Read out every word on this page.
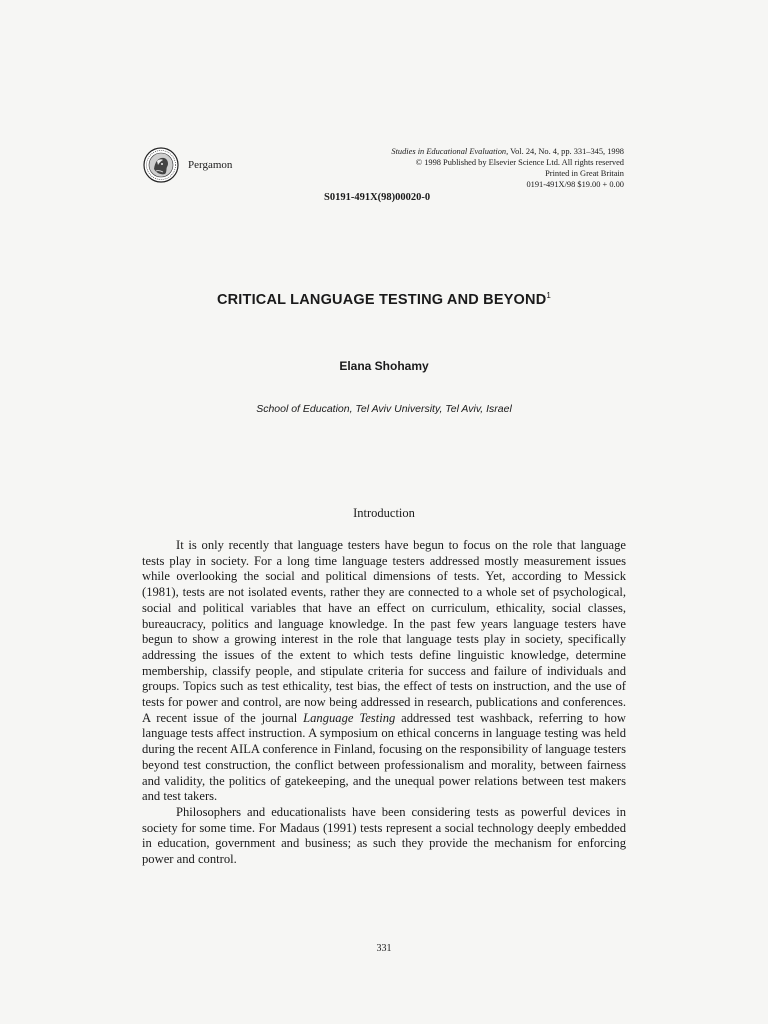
Pergamon
Studies in Educational Evaluation, Vol. 24, No. 4, pp. 331–345, 1998
© 1998 Published by Elsevier Science Ltd. All rights reserved
Printed in Great Britain
0191-491X/98 $19.00 + 0.00
S0191-491X(98)00020-0
CRITICAL LANGUAGE TESTING AND BEYOND$^1$
Elana Shohamy
School of Education, Tel Aviv University, Tel Aviv, Israel
Introduction

It is only recently that language testers have begun to focus on the role that language tests play in society. For a long time language testers addressed mostly measurement issues while overlooking the social and political dimensions of tests. Yet, according to Messick (1981), tests are not isolated events, rather they are connected to a whole set of psychological, social and political variables that have an effect on curriculum, ethicality, social classes, bureaucracy, politics and language knowledge. In the past few years language testers have begun to show a growing interest in the role that language tests play in society, specifically addressing the issues of the extent to which tests define linguistic knowledge, determine membership, classify people, and stipulate criteria for success and failure of individuals and groups. Topics such as test ethicality, test bias, the effect of tests on instruction, and the use of tests for power and control, are now being addressed in research, publications and conferences. A recent issue of the journal Language Testing addressed test washback, referring to how language tests affect instruction. A symposium on ethical concerns in language testing was held during the recent AILA conference in Finland, focusing on the responsibility of language testers beyond test construction, the conflict between professionalism and morality, between fairness and validity, the politics of gatekeeping, and the unequal power relations between test makers and test takers.

Philosophers and educationalists have been considering tests as powerful devices in society for some time. For Madaus (1991) tests represent a social technology deeply embedded in education, government and business; as such they provide the mechanism for enforcing power and control.

331
